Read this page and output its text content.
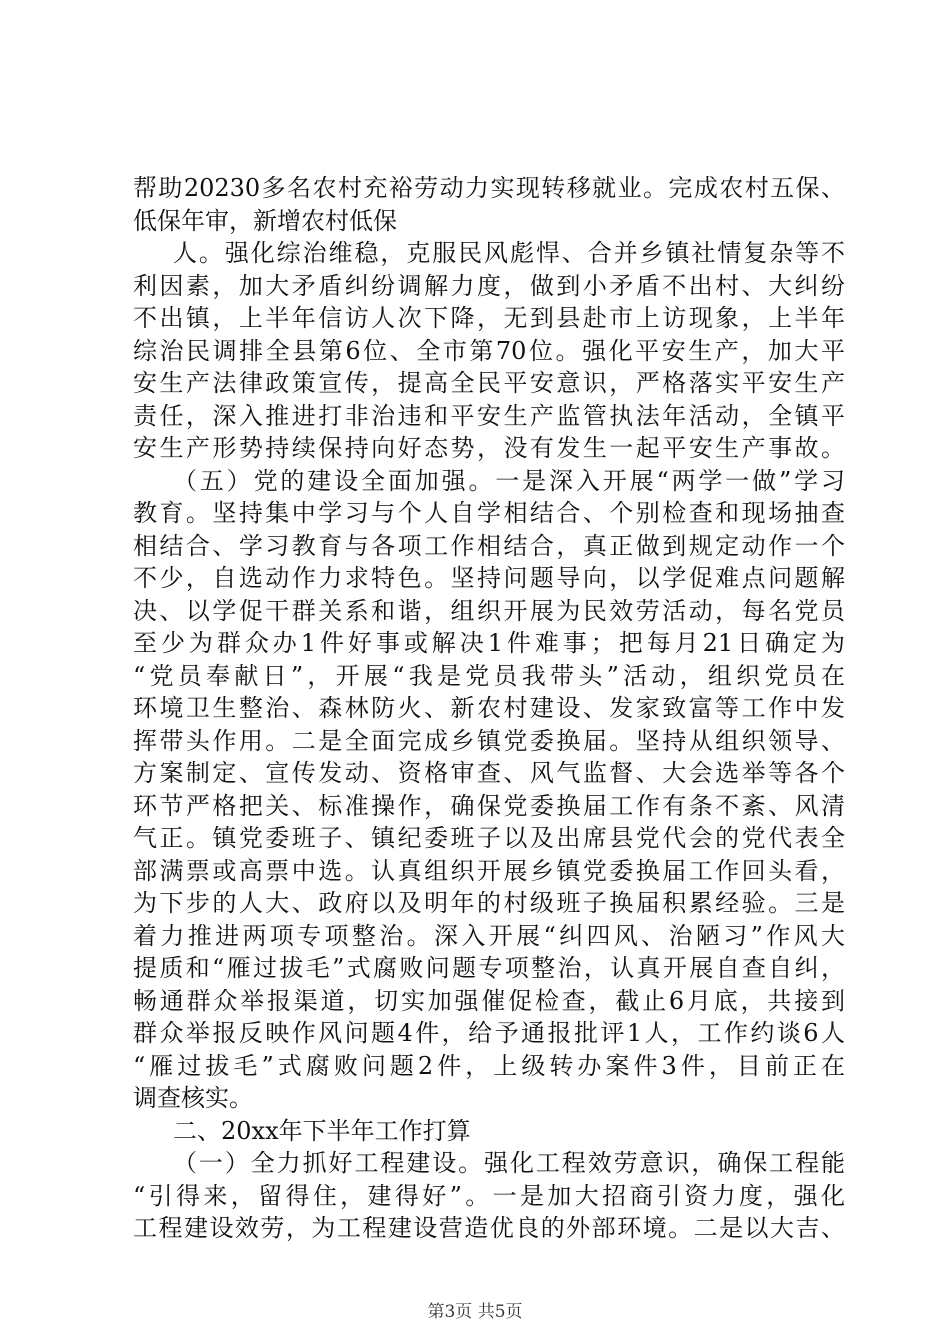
帮助20230多名农村充裕劳动力实现转移就业。完成农村五保、
低保年审，新增农村低保
人。强化综治维稳，克服民风彪悍、合并乡镇社情复杂等不
利因素，加大矛盾纠纷调解力度，做到小矛盾不出村、大纠纷
不出镇，上半年信访人次下降，无到县赴市上访现象，上半年
综治民调排全县第6位、全市第70位。强化平安生产，加大平
安生产法律政策宣传，提高全民平安意识，严格落实平安生产
责任，深入推进打非治违和平安生产监管执法年活动，全镇平
安生产形势持续保持向好态势，没有发生一起平安生产事故。
（五）党的建设全面加强。一是深入开展“两学一做”学习
教育。坚持集中学习与个人自学相结合、个别检查和现场抽查
相结合、学习教育与各项工作相结合，真正做到规定动作一个
不少，自选动作力求特色。坚持问题导向，以学促难点问题解
决、以学促干群关系和谐，组织开展为民效劳活动，每名党员
至少为群众办1件好事或解决1件难事；把每月21日确定为
“党员奉献日”，开展“我是党员我带头”活动，组织党员在
环境卫生整治、森林防火、新农村建设、发家致富等工作中发
挥带头作用。二是全面完成乡镇党委换届。坚持从组织领导、
方案制定、宣传发动、资格审查、风气监督、大会选举等各个
环节严格把关、标准操作，确保党委换届工作有条不紊、风清
气正。镇党委班子、镇纪委班子以及出席县党代会的党代表全
部满票或高票中选。认真组织开展乡镇党委换届工作回头看，
为下步的人大、政府以及明年的村级班子换届积累经验。三是
着力推进两项专项整治。深入开展“纠四风、治陋习”作风大
提质和“雁过拔毛”式腐败问题专项整治，认真开展自查自纠，
畅通群众举报渠道，切实加强催促检查，截止6月底，共接到
群众举报反映作风问题4件，给予通报批评1人，工作约谈6人
“雁过拔毛”式腐败问题2件，上级转办案件3件，目前正在
调查核实。
二、20xx年下半年工作打算
（一）全力抓好工程建设。强化工程效劳意识，确保工程能
“引得来，留得住，建得好”。一是加大招商引资力度，强化
工程建设效劳，为工程建设营造优良的外部环境。二是以大吉、
第3页 共5页
